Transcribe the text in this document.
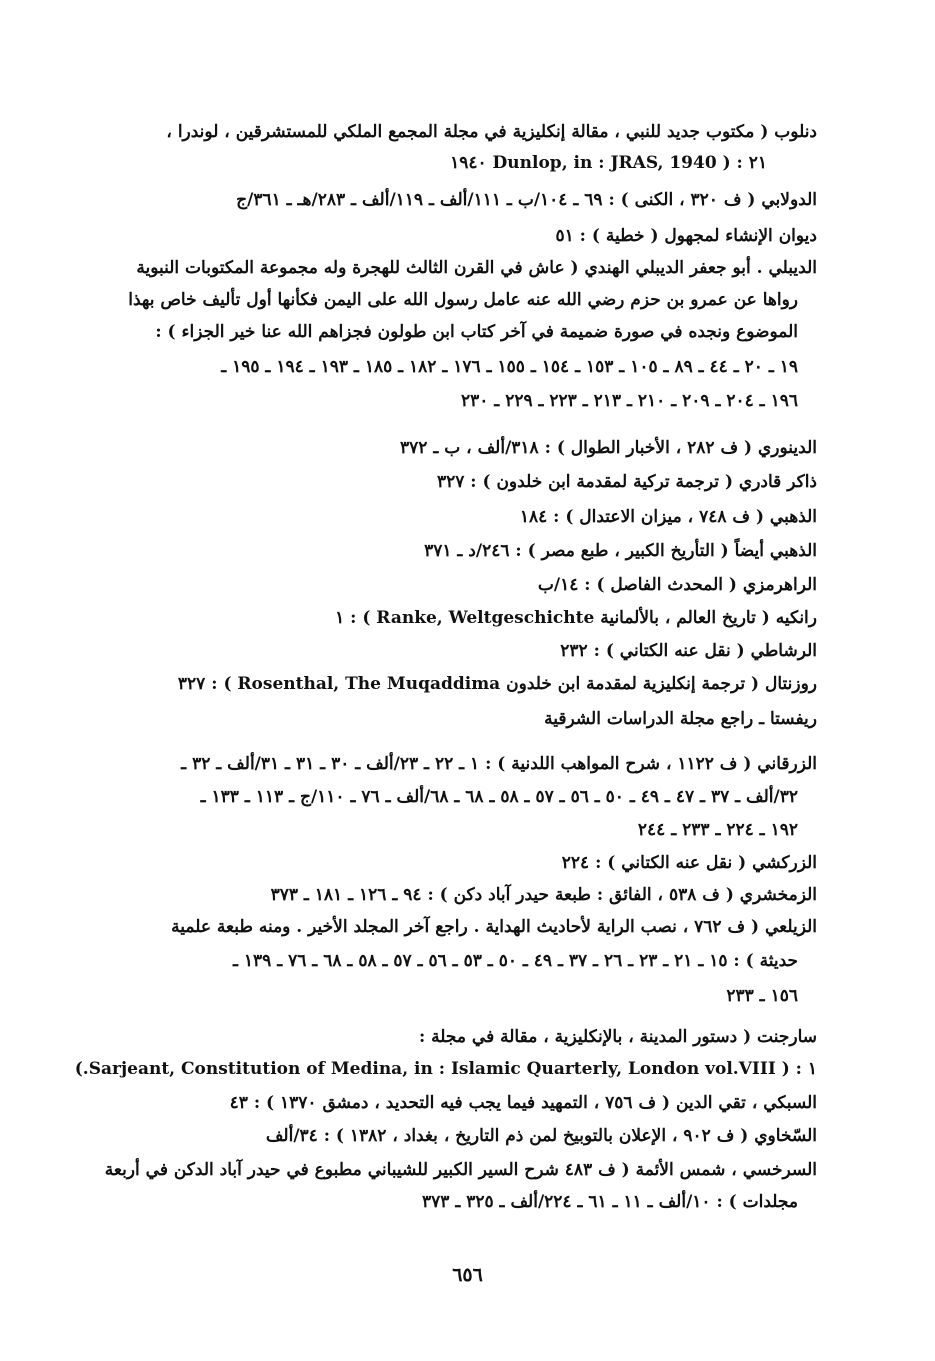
دنلوب ( مكتوب جديد للنبي ، مقالة إنكليزية في مجلة المجمع الملكي للمستشرقين ، لوندرا ،
٢١ : ( Dunlop, in : JRAS, 1940 ١٩٤٠
الدولابي ( ف ٣٢٠ ، الكنى ) : ٦٩ ـ ١٠٤/ب ـ ١١١/ألف ـ ١١٩/ألف ـ ٢٨٣/هـ ـ ٣٦١/ج
ديوان الإنشاء لمجهول ( خطية ) : ٥١
الديبلي . أبو جعفر الديبلي الهندي ( عاش في القرن الثالث للهجرة وله مجموعة المكتوبات النبوية
رواها عن عمرو بن حزم رضي الله عنه عامل رسول الله على اليمن فكأنها أول تأليف خاص بهذا
الموضوع ونجده في صورة ضميمة في آخر كتاب ابن طولون فجزاهم الله عنا خير الجزاء ) :
١٩ ـ ٢٠ ـ ٤٤ ـ ٨٩ ـ ١٠٥ ـ ١٥٣ ـ ١٥٤ ـ ١٥٥ ـ ١٧٦ ـ ١٨٢ ـ ١٨٥ ـ ١٩٣ ـ ١٩٤ ـ ١٩٥ ـ
١٩٦ ـ ٢٠٤ ـ ٢٠٩ ـ ٢١٠ ـ ٢١٣ ـ ٢٢٣ ـ ٢٢٩ ـ ٢٣٠
الدينوري ( ف ٢٨٢ ، الأخبار الطوال ) : ٣١٨/ألف ، ب ـ ٣٧٢
ذاكر قادري ( ترجمة تركية لمقدمة ابن خلدون ) : ٣٢٧
الذهبي ( ف ٧٤٨ ، ميزان الاعتدال ) : ١٨٤
الذهبي أيضاً ( التأريخ الكبير ، طبع مصر ) : ٢٤٦/د ـ ٣٧١
الراهرمزي ( المحدث الفاصل ) : ١٤/ب
رانكيه ( تاريخ العالم ، بالألمانية Ranke, Weltgeschichte ) : ١
الرشاطي ( نقل عنه الكتاني ) : ٢٣٢
روزنتال ( ترجمة إنكليزية لمقدمة ابن خلدون Rosenthal, The Muqaddima ) : ٣٢٧
ريفستا ـ راجع مجلة الدراسات الشرقية
الزرقاني ( ف ١١٢٢ ، شرح المواهب اللدنية ) : ١ ـ ٢٢ ـ ٢٣/ألف ـ ٣٠ ـ ٣١ ـ ٣١/ألف ـ ٣٢ ـ
٣٢/ألف ـ ٣٧ ـ ٤٧ ـ ٤٩ ـ ٥٠ ـ ٥٦ ـ ٥٧ ـ ٥٨ ـ ٦٨ ـ ٦٨/ألف ـ ٧٦ ـ ١١٠/ج ـ ١١٣ ـ ١٣٣ ـ
١٩٢ ـ ٢٢٤ ـ ٢٣٣ ـ ٢٤٤
الزركشي ( نقل عنه الكتاني ) : ٢٢٤
الزمخشري ( ف ٥٣٨ ، الفائق : طبعة حيدر آباد دكن ) : ٩٤ ـ ١٢٦ ـ ١٨١ ـ ٣٧٣
الزيلعي ( ف ٧٦٢ ، نصب الراية لأحاديث الهداية . راجع آخر المجلد الأخير . ومنه طبعة علمية
حديثة ) : ١٥ ـ ٢١ ـ ٢٣ ـ ٢٦ ـ ٣٧ ـ ٤٩ ـ ٥٠ ـ ٥٣ ـ ٥٦ ـ ٥٧ ـ ٥٨ ـ ٦٨ ـ ٧٦ ـ ١٣٩ ـ
١٥٦ ـ ٢٣٣
سارجنت ( دستور المدينة ، بالإنكليزية ، مقالة في مجلة :
١ : ( Sarjeant, Constitution of Medina, in : Islamic Quarterly, London vol.VIII.)
السبكي ، تقي الدين ( ف ٧٥٦ ، التمهيد فيما يجب فيه التحديد ، دمشق ١٣٧٠ ) : ٤٣
السّخاوي ( ف ٩٠٢ ، الإعلان بالتوبيخ لمن ذم التاريخ ، بغداد ، ١٣٨٢ ) : ٣٤/ألف
السرخسي ، شمس الأئمة ( ف ٤٨٣ شرح السير الكبير للشيباني مطبوع في حيدر آباد الدكن في أربعة
مجلدات ) : ١٠/ألف ـ ١١ ـ ٦١ ـ ٢٢٤/ألف ـ ٣٢٥ ـ ٣٧٣
٦٥٦
